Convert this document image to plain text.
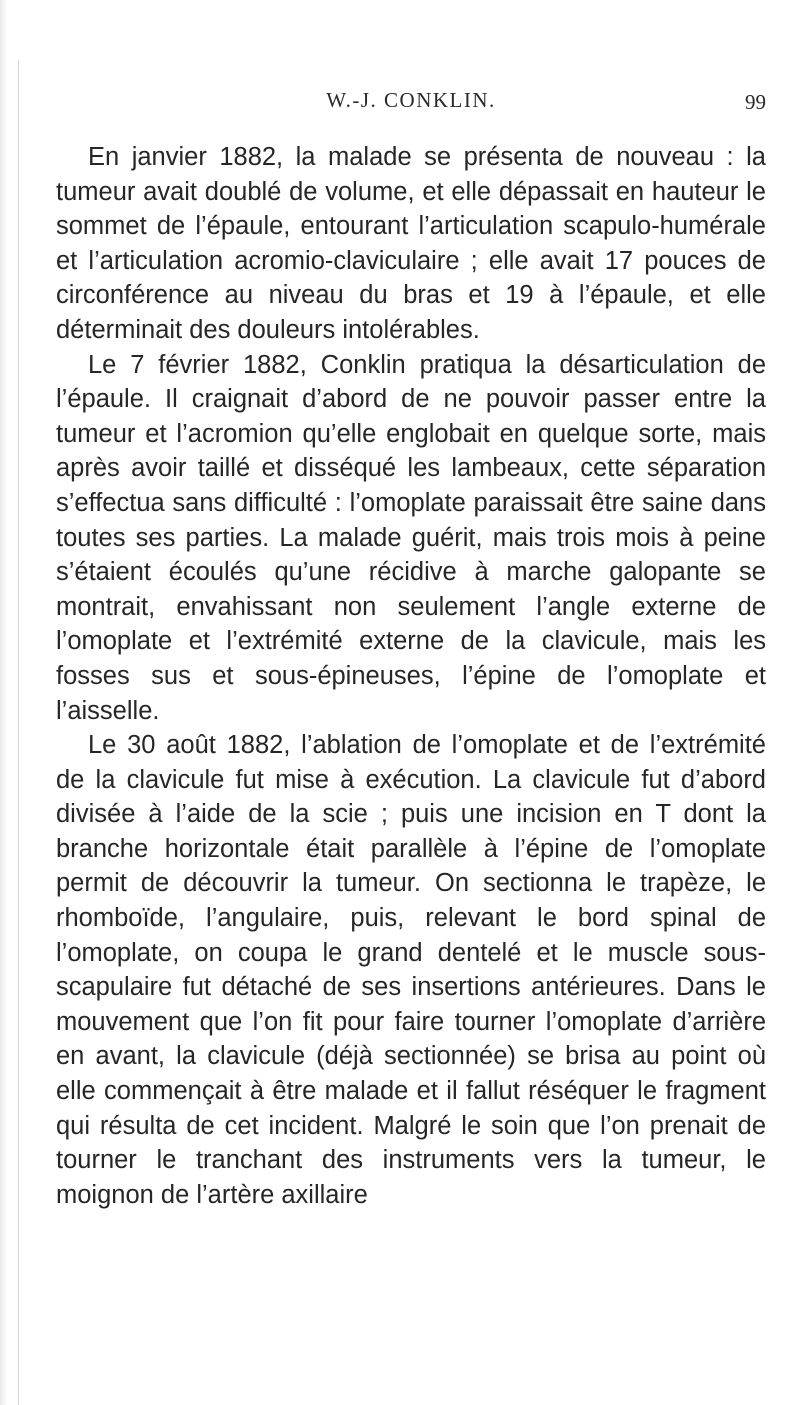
W.-J. CONKLIN.	99

En janvier 1882, la malade se présenta de nouveau : la tumeur avait doublé de volume, et elle dépassait en hauteur le sommet de l’épaule, entourant l’articulation scapulo-humérale et l’articulation acromio-claviculaire ; elle avait 17 pouces de circonférence au niveau du bras et 19 à l’épaule, et elle déterminait des douleurs intolérables.

Le 7 février 1882, Conklin pratiqua la désarticulation de l’épaule. Il craignait d’abord de ne pouvoir passer entre la tumeur et l’acromion qu’elle englobait en quelque sorte, mais après avoir taillé et disséqué les lambeaux, cette séparation s’effectua sans difficulté : l’omoplate paraissait être saine dans toutes ses parties. La malade guérit, mais trois mois à peine s’étaient écoulés qu’une récidive à marche galopante se montrait, envahissant non seulement l’angle externe de l’omoplate et l’extrémité externe de la clavicule, mais les fosses sus et sous-épineuses, l’épine de l’omoplate et l’aisselle.

Le 30 août 1882, l’ablation de l’omoplate et de l’extrémité de la clavicule fut mise à exécution. La clavicule fut d’abord divisée à l’aide de la scie ; puis une incision en T dont la branche horizontale était parallèle à l’épine de l’omoplate permit de découvrir la tumeur. On sectionna le trapèze, le rhomboïde, l’angulaire, puis, relevant le bord spinal de l’omoplate, on coupa le grand dentelé et le muscle sous-scapulaire fut détaché de ses insertions antérieures. Dans le mouvement que l’on fit pour faire tourner l’omoplate d’arrière en avant, la clavicule (déjà sectionnée) se brisa au point où elle commençait à être malade et il fallut réséquer le fragment qui résulta de cet incident. Malgré le soin que l’on prenait de tourner le tranchant des instruments vers la tumeur, le moignon de l’artère axillaire
